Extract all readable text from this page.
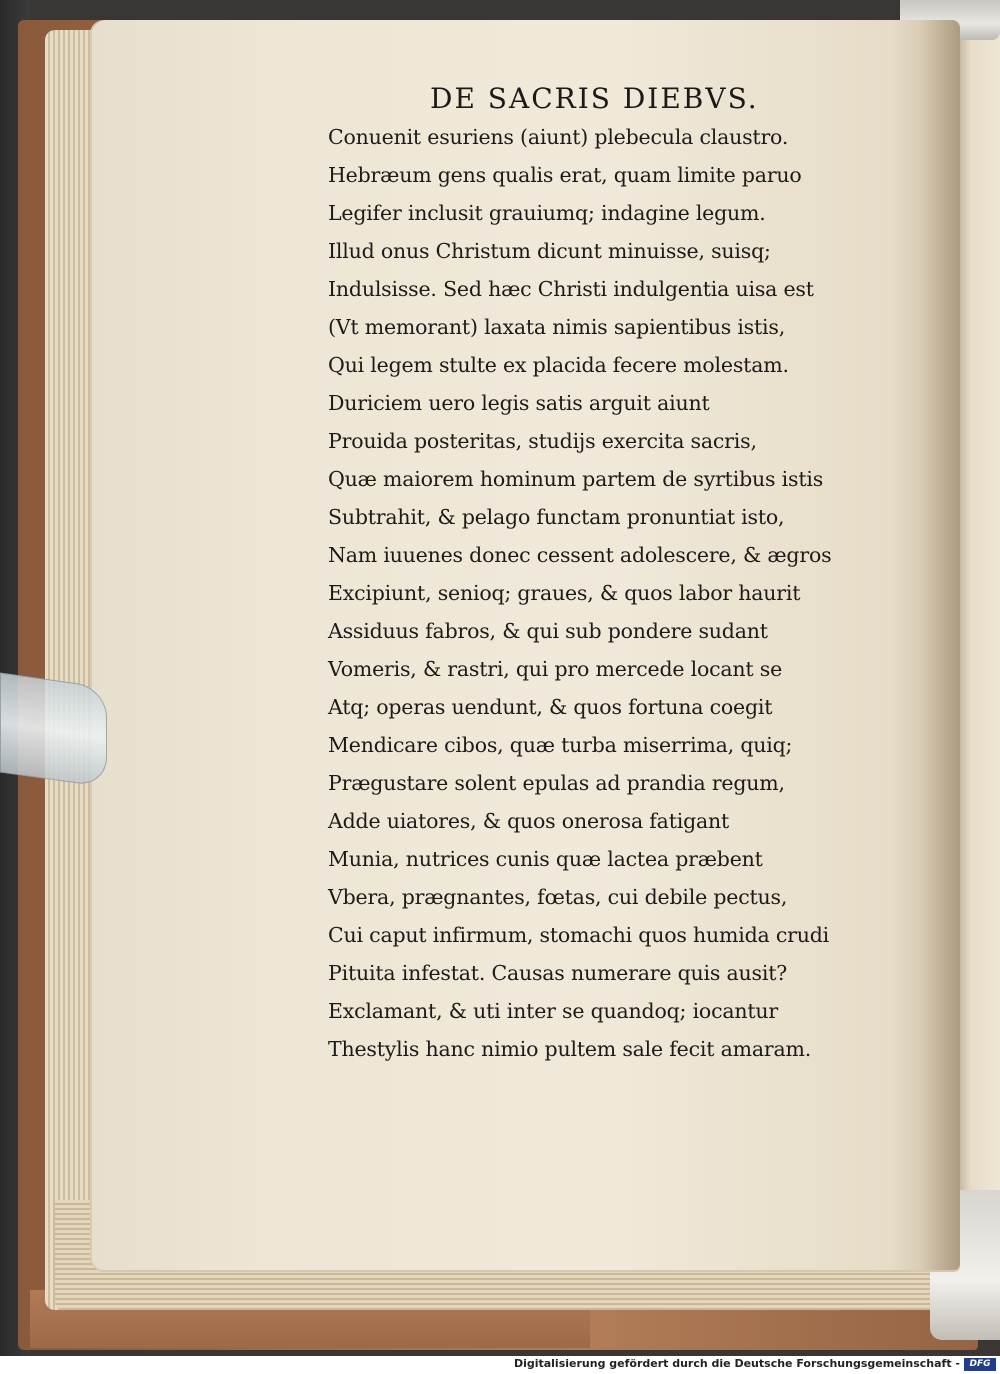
DE SACRIS DIEBVS.
Conuenit esuriens (aiunt) plebecula claustro.
Hebræum gens qualis erat, quam limite paruo
Legifer inclusit grauiumq; indagine legum.
Illud onus Christum dicunt minuisse, suisq;
Indulsisse. Sed hæc Christi indulgentia uisa est
(Vt memorant) laxata nimis sapientibus istis,
Qui legem stulte ex placida fecere molestam.
Duriciem uero legis satis arguit aiunt
Prouida posteritas, studijs exercita sacris,
Quæ maiorem hominum partem de syrtibus istis
Subtrahit, & pelago functam pronuntiat isto,
Nam iuuenes donec cessent adolescere, & ægros
Excipiunt, senioq; graues, & quos labor haurit
Assiduus fabros, & qui sub pondere sudant
Vomeris, & rastri, qui pro mercede locant se
Atq; operas uendunt, & quos fortuna coegit
Mendicare cibos, quæ turba miserrima, quiq;
Prægustare solent epulas ad prandia regum,
Adde uiatores, & quos onerosa fatigant
Munia, nutrices cunis quæ lactea præbent
Vbera, prægnantes, fœtas, cui debile pectus,
Cui caput infirmum, stomachi quos humida crudi
Pituita infestat. Causas numerare quis ausit?
Exclamant, & uti inter se quandoq; iocantur
Thestylis hanc nimio pultem sale fecit amaram.
Digitalisierung gefördert durch die Deutsche Forschungsgemeinschaft -	DFG
